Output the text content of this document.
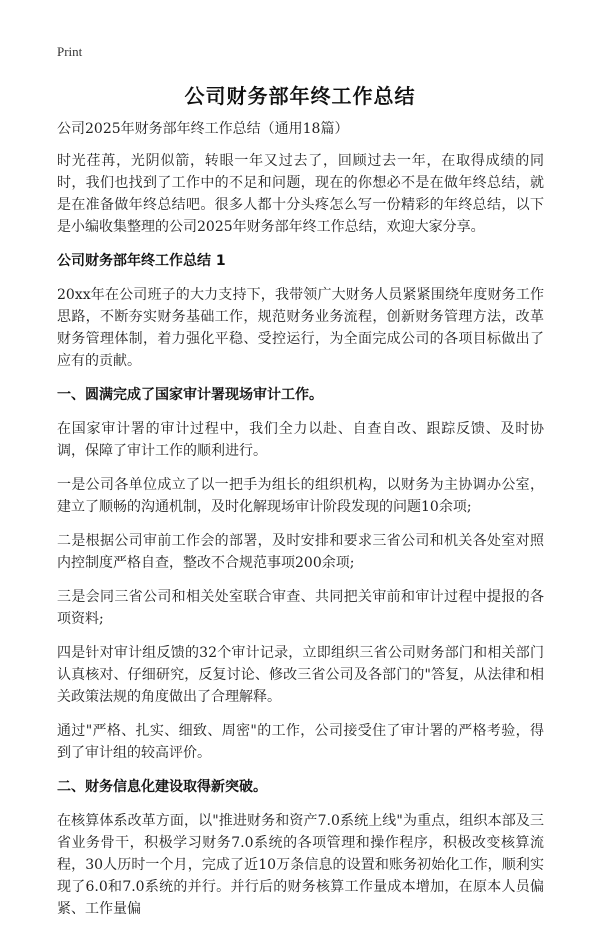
Print
公司财务部年终工作总结
公司2025年财务部年终工作总结（通用18篇）

时光荏苒，光阴似箭，转眼一年又过去了，回顾过去一年，在取得成绩的同时，我们也找到了工作中的不足和问题，现在的你想必不是在做年终总结，就是在准备做年终总结吧。很多人都十分头疼怎么写一份精彩的年终总结，以下是小编收集整理的公司2025年财务部年终工作总结，欢迎大家分享。

公司财务部年终工作总结 1

20xx年在公司班子的大力支持下，我带领广大财务人员紧紧围绕年度财务工作思路，不断夯实财务基础工作，规范财务业务流程，创新财务管理方法，改革财务管理体制，着力强化平稳、受控运行，为全面完成公司的各项目标做出了应有的贡献。

一、圆满完成了国家审计署现场审计工作。

在国家审计署的审计过程中，我们全力以赴、自查自改、跟踪反馈、及时协调，保障了审计工作的顺利进行。

一是公司各单位成立了以一把手为组长的组织机构，以财务为主协调办公室，建立了顺畅的沟通机制，及时化解现场审计阶段发现的问题10余项;

二是根据公司审前工作会的部署，及时安排和要求三省公司和机关各处室对照内控制度严格自查，整改不合规范事项200余项;

三是会同三省公司和相关处室联合审查、共同把关审前和审计过程中提报的各项资料;

四是针对审计组反馈的32个审计记录，立即组织三省公司财务部门和相关部门认真核对、仔细研究，反复讨论、修改三省公司及各部门的"答复，从法律和相关政策法规的角度做出了合理解释。

通过"严格、扎实、细致、周密"的工作，公司接受住了审计署的严格考验，得到了审计组的较高评价。

二、财务信息化建设取得新突破。

在核算体系改革方面，以"推进财务和资产7.0系统上线"为重点，组织本部及三省业务骨干，积极学习财务7.0系统的各项管理和操作程序，积极改变核算流程，30人历时一个月，完成了近10万条信息的设置和账务初始化工作，顺利实现了6.0和7.0系统的并行。并行后的财务核算工作量成本增加，在原本人员偏紧、工作量偏
